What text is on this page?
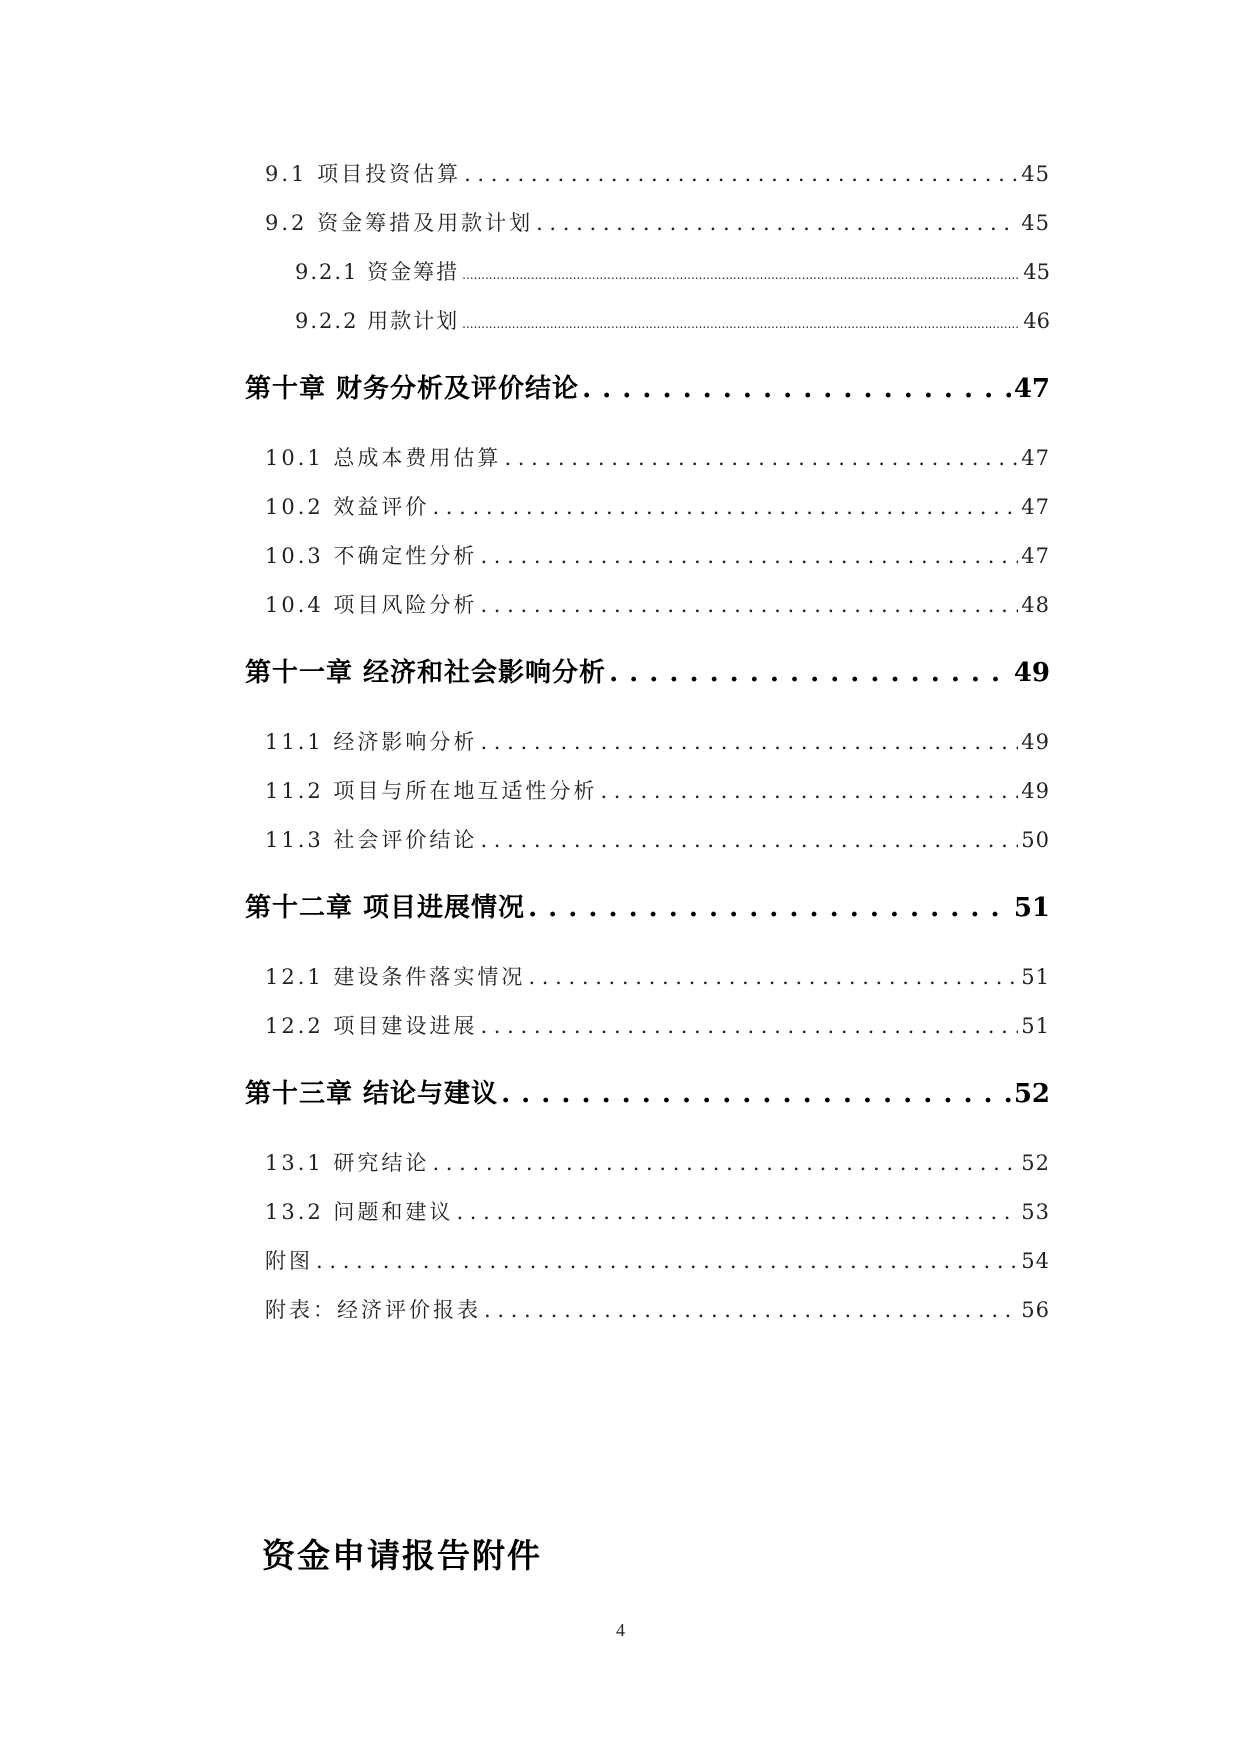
9.1 项目投资估算 . . .	45
9.2 资金筹措及用款计划 . . .	45
9.2.1 资金筹措 .....	45
9.2.2 用款计划 .....	46
第十章 财务分析及评价结论 . . .	47
10.1 总成本费用估算 . . .	47
10.2 效益评价 . . .	47
10.3 不确定性分析 . . .	47
10.4 项目风险分析 . . .	48
第十一章 经济和社会影响分析 . . .	49
11.1 经济影响分析 . . .	49
11.2 项目与所在地互适性分析 . . .	49
11.3 社会评价结论 . . .	50
第十二章 项目进展情况 . . .	51
12.1 建设条件落实情况 . . .	51
12.2 项目建设进展 . . .	51
第十三章 结论与建议 . . .	52
13.1 研究结论 . . .	52
13.2 问题和建议 . . .	53
附图 . . .	54
附表：经济评价报表 . . .	56
资金申请报告附件
4
